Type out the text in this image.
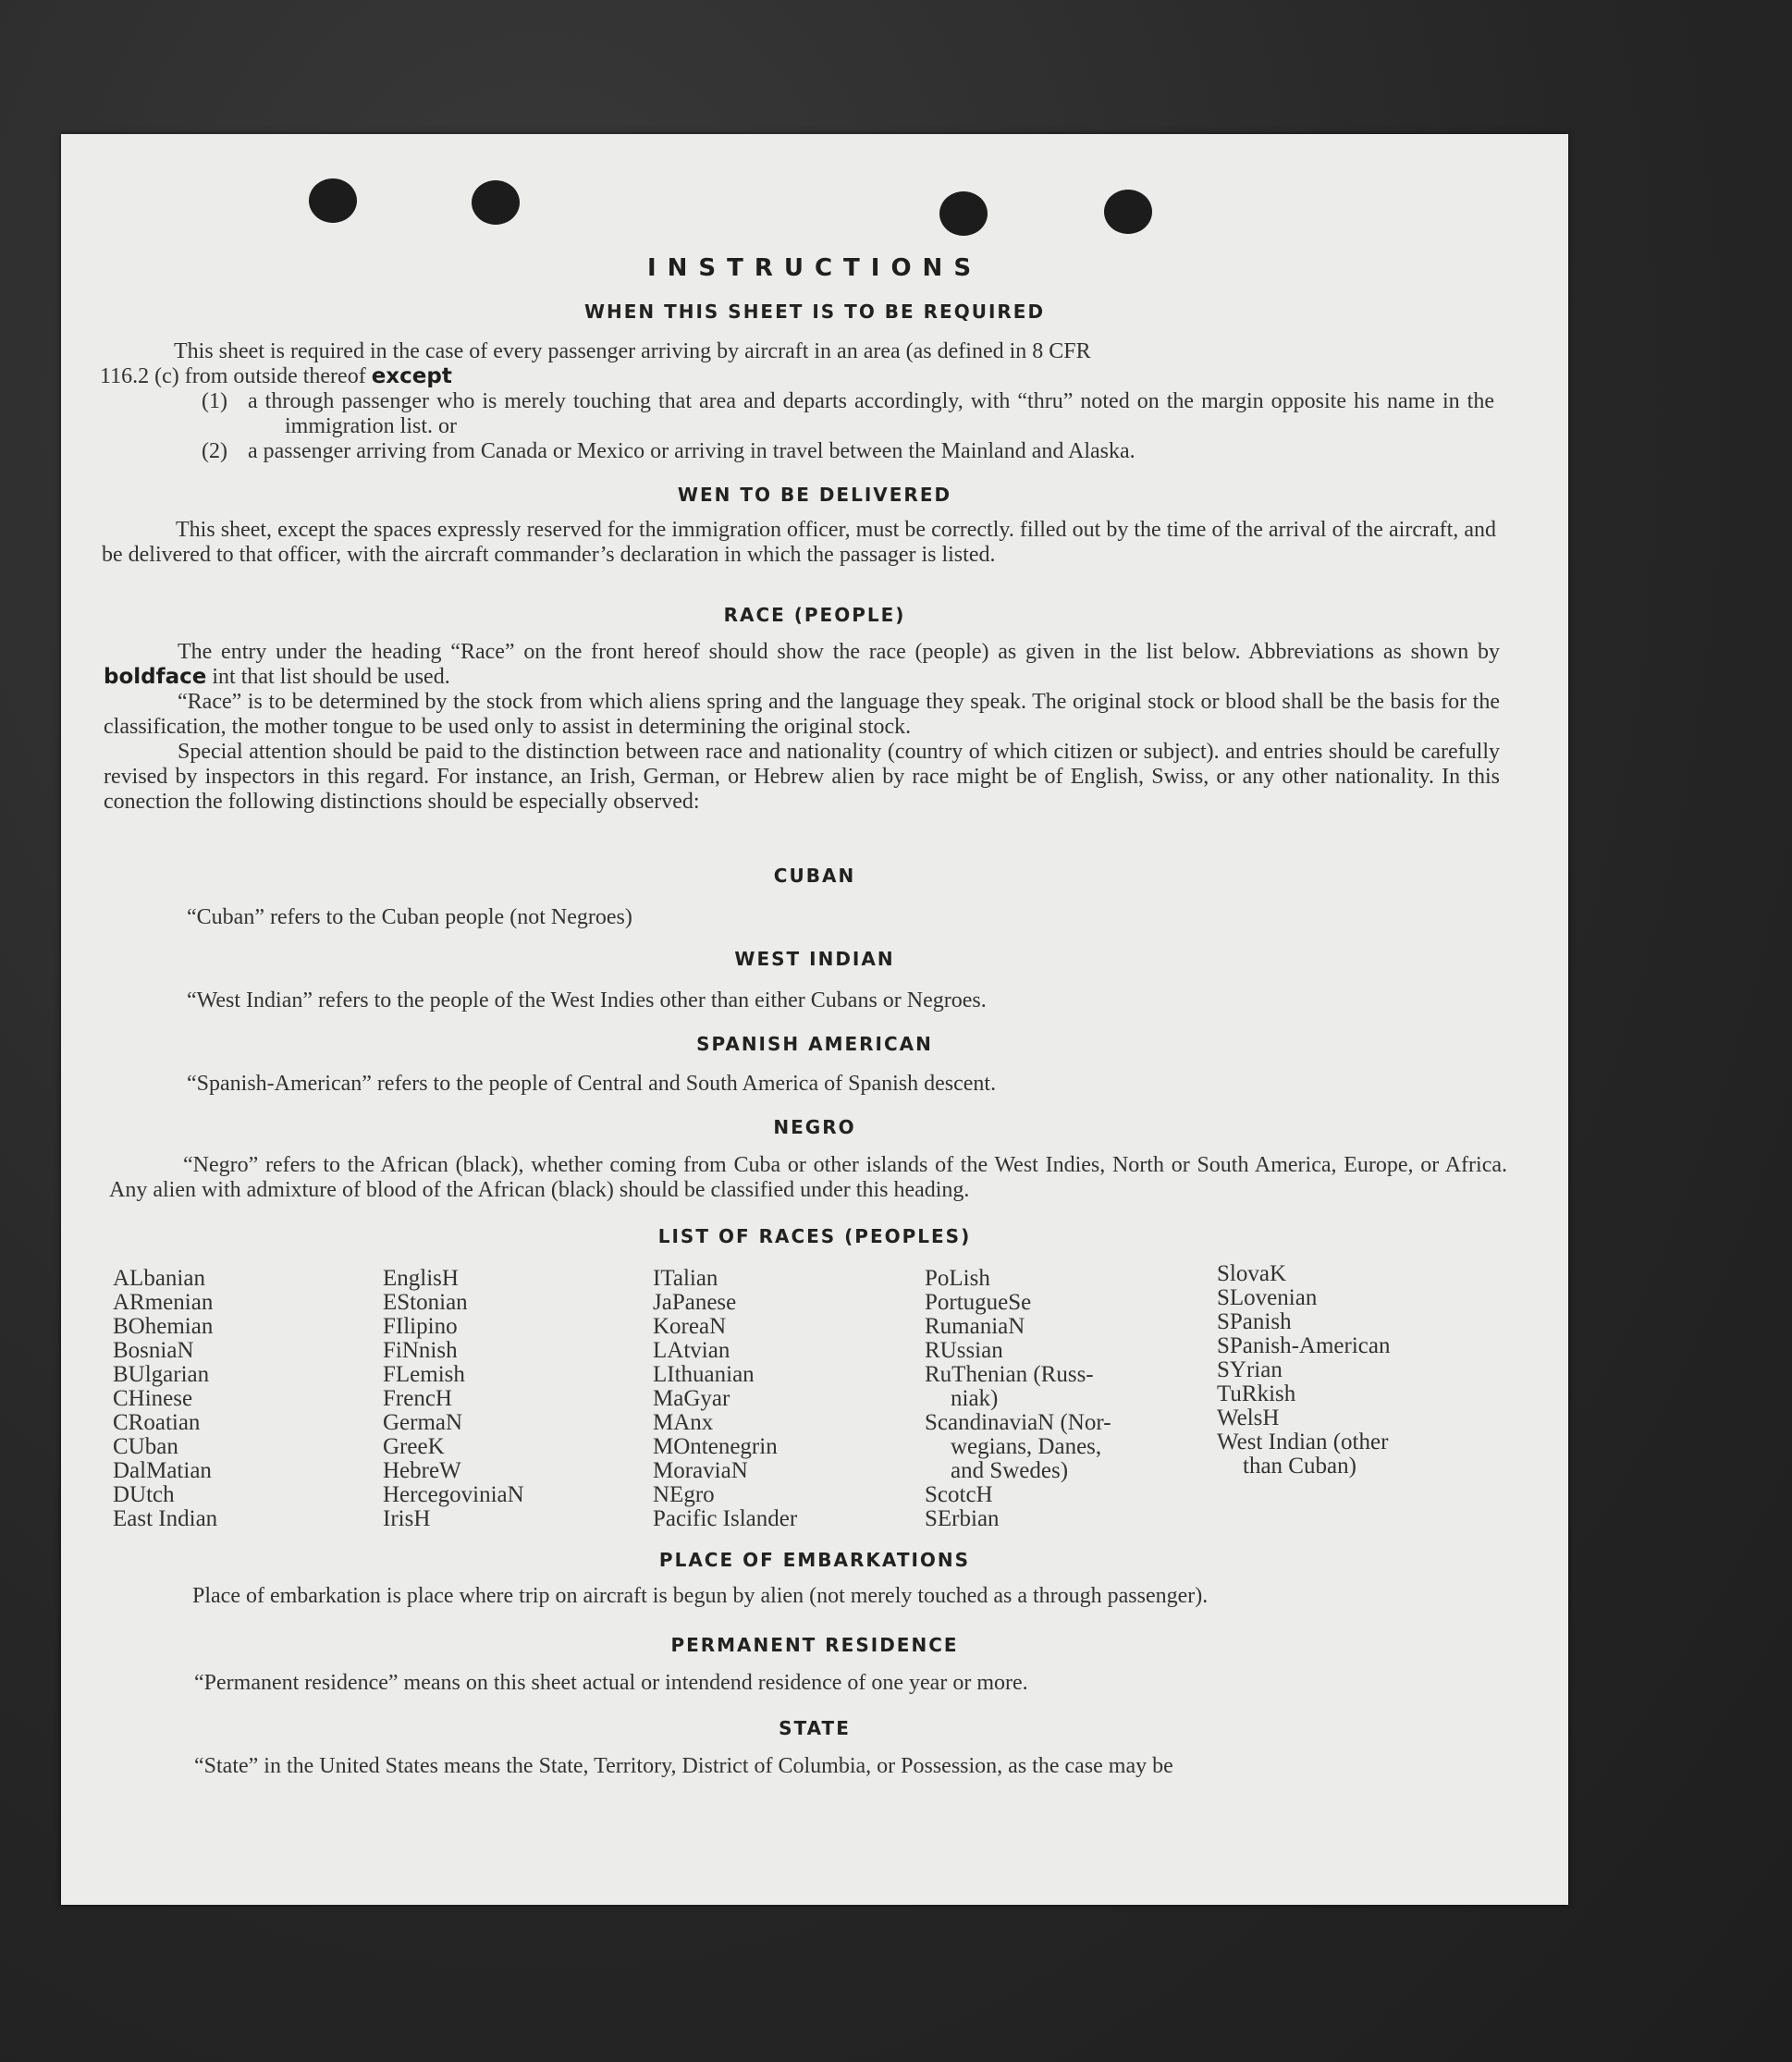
INSTRUCTIONS
WHEN THIS SHEET IS TO BE REQUIRED

This sheet is required in the case of every passenger arriving by aircraft in an area (as defined in 8 CFR

116.2 (c) from outside thereof except

(1) a through passenger who is merely touching that area and departs accordingly, with “thru” noted on the margin opposite his name in the immigration list. or
(2) a passenger arriving from Canada or Mexico or arriving in travel between the Mainland and Alaska.
WEN TO BE DELIVERED

This sheet, except the spaces expressly reserved for the immigration officer, must be correctly. filled out by the time of the arrival of the aircraft, and be delivered to that officer, with the aircraft commander’s declaration in which the passager is listed.

RACE (PEOPLE)

The entry under the heading “Race” on the front hereof should show the race (people) as given in the list below. Abbreviations as shown by boldface int that list should be used.

“Race” is to be determined by the stock from which aliens spring and the language they speak. The original stock or blood shall be the basis for the classification, the mother tongue to be used only to assist in determining the original stock.

Special attention should be paid to the distinction between race and nationality (country of which citizen or subject). and entries should be carefully revised by inspectors in this regard. For instance, an Irish, German, or Hebrew alien by race might be of English, Swiss, or any other nationality. In this conection the following distinctions should be especially observed:

CUBAN
“Cuban” refers to the Cuban people (not Negroes)
WEST INDIAN
“West Indian” refers to the people of the West Indies other than either Cubans or Negroes.
SPANISH AMERICAN
“Spanish-American” refers to the people of Central and South America of Spanish descent.
NEGRO

“Negro” refers to the African (black), whether coming from Cuba or other islands of the West Indies, North or South America, Europe, or Africa. Any alien with admixture of blood of the African (black) should be classified under this heading.

LIST OF RACES (PEOPLES)
ALbanian
ARmenian
BOhemian
BosniaN
BUlgarian
CHinese
CRoatian
CUban
DalMatian
DUtch
East Indian
EnglisH
EStonian
FIlipino
FiNnish
FLemish
FrencH
GermaN
GreeK
HebreW
HercegoviniaN
IrisH
ITalian
JaPanese
KoreaN
LAtvian
LIthuanian
MaGyar
MAnx
MOntenegrin
MoraviaN
NEgro
Pacific Islander
PoLish
PortugueSe
RumaniaN
RUssian
RuThenian (Russ-
niak)
ScandinaviaN (Nor-
wegians, Danes,
and Swedes)
ScotcH
SErbian
SlovaK
SLovenian
SPanish
SPanish-American
SYrian
TuRkish
WelsH
West Indian (other
than Cuban)
PLACE OF EMBARKATIONS

Place of embarkation is place where trip on aircraft is begun by alien (not merely touched as a through passenger).

PERMANENT RESIDENCE
“Permanent residence” means on this sheet actual or intendend residence of one year or more.
STATE

“State” in the United States means the State, Territory, District of Columbia, or Possession, as the case may be
